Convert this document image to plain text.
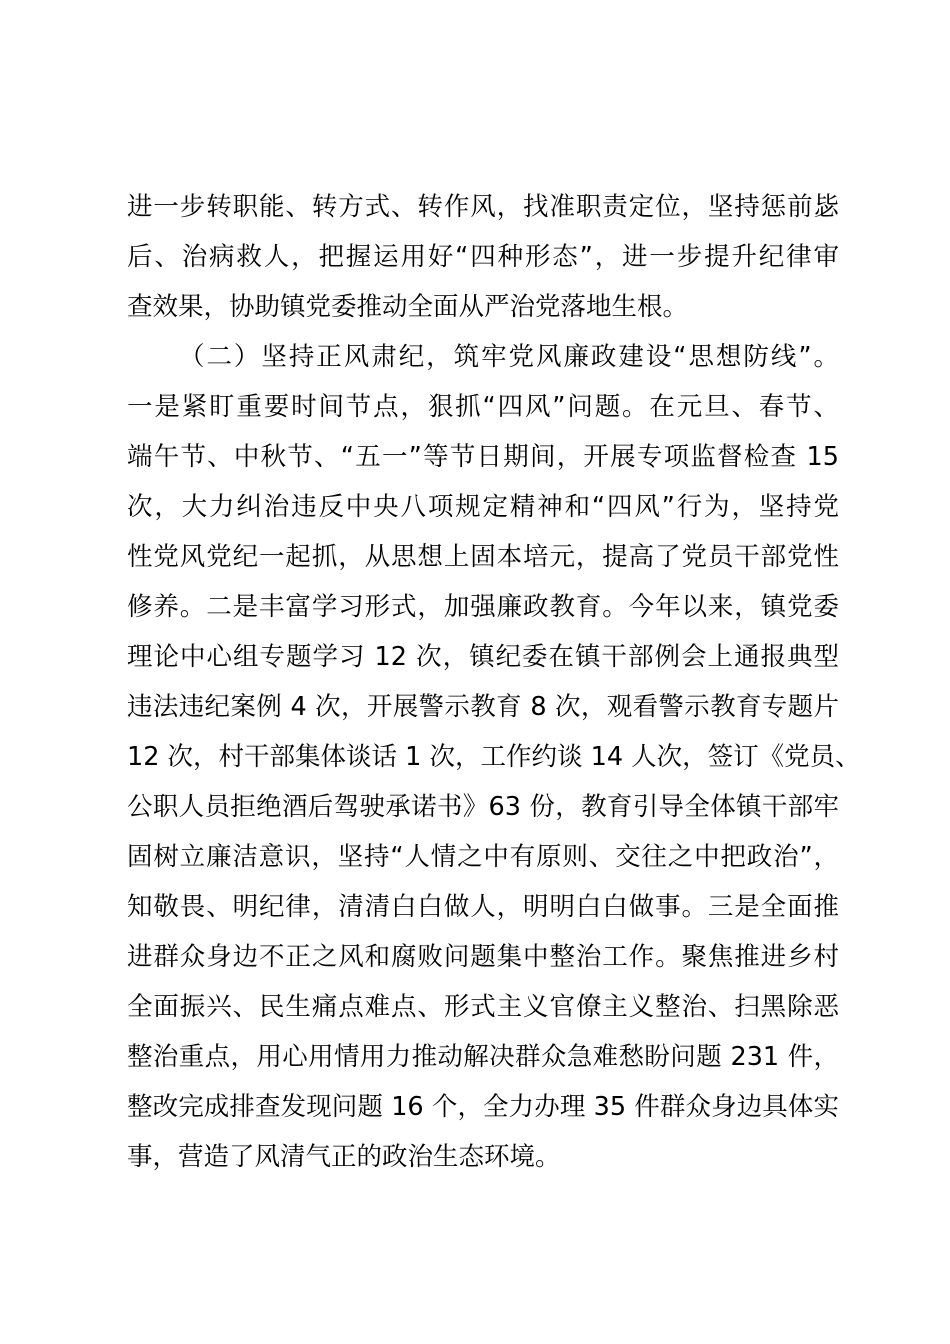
进一步转职能、转方式、转作风，找准职责定位，坚持惩前毖
后、治病救人，把握运用好“四种形态”，进一步提升纪律审
查效果，协助镇党委推动全面从严治党落地生根。
（二）坚持正风肃纪，筑牢党风廉政建设“思想防线”。
一是紧盯重要时间节点，狠抓“四风”问题。在元旦、春节、
端午节、中秋节、“五一”等节日期间，开展专项监督检查 15
次，大力纠治违反中央八项规定精神和“四风”行为，坚持党
性党风党纪一起抓，从思想上固本培元，提高了党员干部党性
修养。二是丰富学习形式，加强廉政教育。今年以来，镇党委
理论中心组专题学习 12 次，镇纪委在镇干部例会上通报典型
违法违纪案例 4 次，开展警示教育 8 次，观看警示教育专题片
12 次，村干部集体谈话 1 次，工作约谈 14 人次，签订《党员、
公职人员拒绝酒后驾驶承诺书》63 份，教育引导全体镇干部牢
固树立廉洁意识，坚持“人情之中有原则、交往之中把政治”，
知敬畏、明纪律，清清白白做人，明明白白做事。三是全面推
进群众身边不正之风和腐败问题集中整治工作。聚焦推进乡村
全面振兴、民生痛点难点、形式主义官僚主义整治、扫黑除恶
整治重点，用心用情用力推动解决群众急难愁盼问题 231 件，
整改完成排查发现问题 16 个，全力办理 35 件群众身边具体实
事，营造了风清气正的政治生态环境。
